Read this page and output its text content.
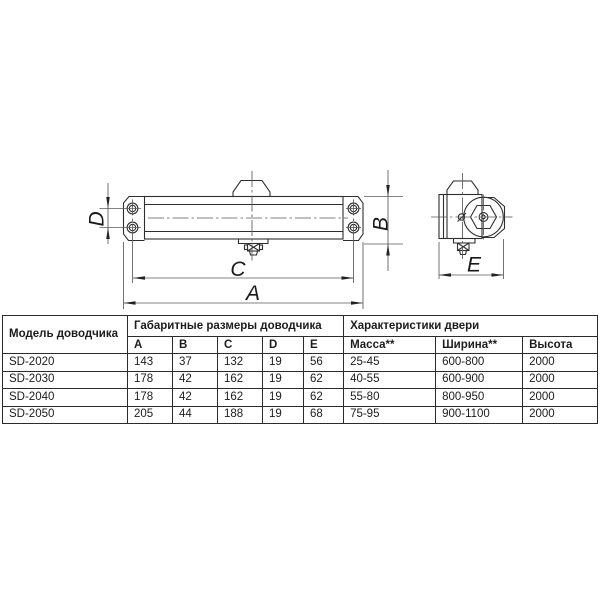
D	B
C
A
E
Модель доводчика	Габаритные размеры доводчика					Характеристики двери		
	A	B	C	D	E	Масса**	Ширина**	Высота
SD-2020	143	37	132	19	56	25-45	600-800	2000
SD-2030	178	42	162	19	62	40-55	600-900	2000
SD-2040	178	42	162	19	62	55-80	800-950	2000
SD-2050	205	44	188	19	68	75-95	900-1100	2000
